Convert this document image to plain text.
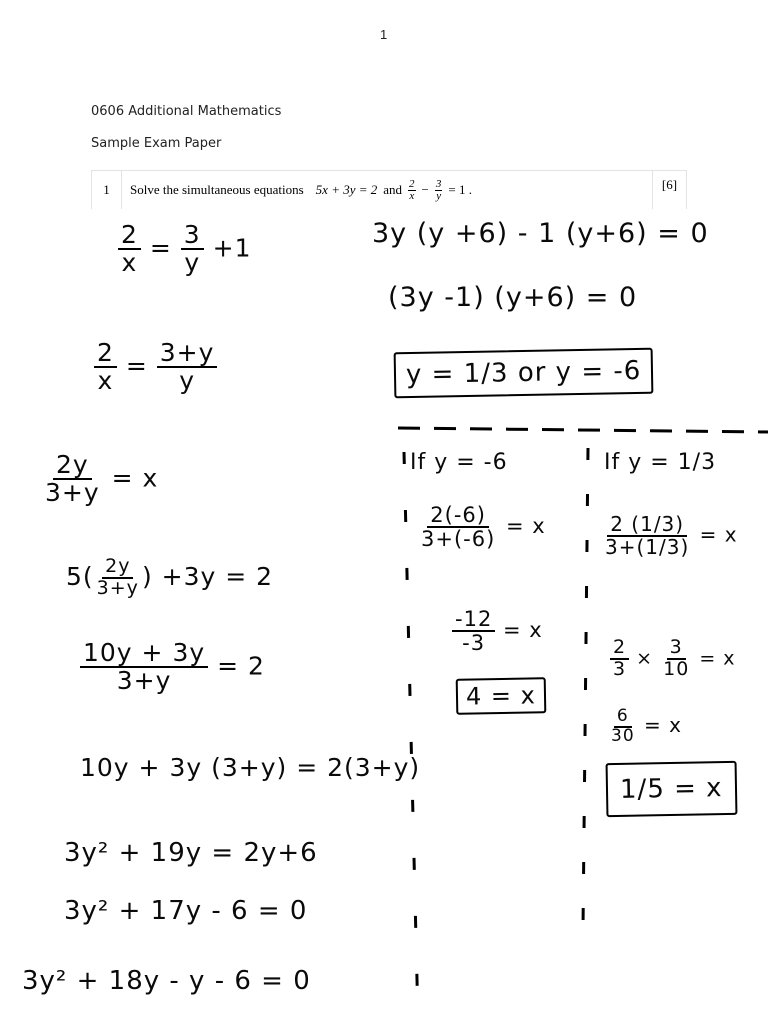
1
0606 Additional Mathematics
Sample Exam Paper
1	Solve the simultaneous equations 5x + 3y = 2 and $\frac{2}{x} - \frac{3}{y} = 1$ .	[6]
$\frac{2}{x} = \frac{3}{y} +1$
$\frac{2}{x} = \frac{3+y}{y}$
$\frac{2y}{3+y} = x$
$5( \frac{2y}{3+y}$ ) +3y = 2
$\frac{10y + 3y}{3+y} = 2$
10y + 3y (3+y) = 2(3+y)
3y² + 19y = 2y+6
3y² + 17y - 6 = 0
3y² + 18y - y - 6 = 0
3y (y +6) - 1 (y+6) = 0
(3y -1) (y+6) = 0
y = 1/3 or y = -6
If y = -6
$\frac{2(-6)}{3+(-6)} = x$
$\frac{-12}{-3} = x$
4 = x
If y = 1/3
$\frac{2 (1/3)}{3+(1/3)} = x$
$\frac{2}{3} \times \frac{3}{10} = x$
$\frac{6}{30} = x$
1/5 = x
